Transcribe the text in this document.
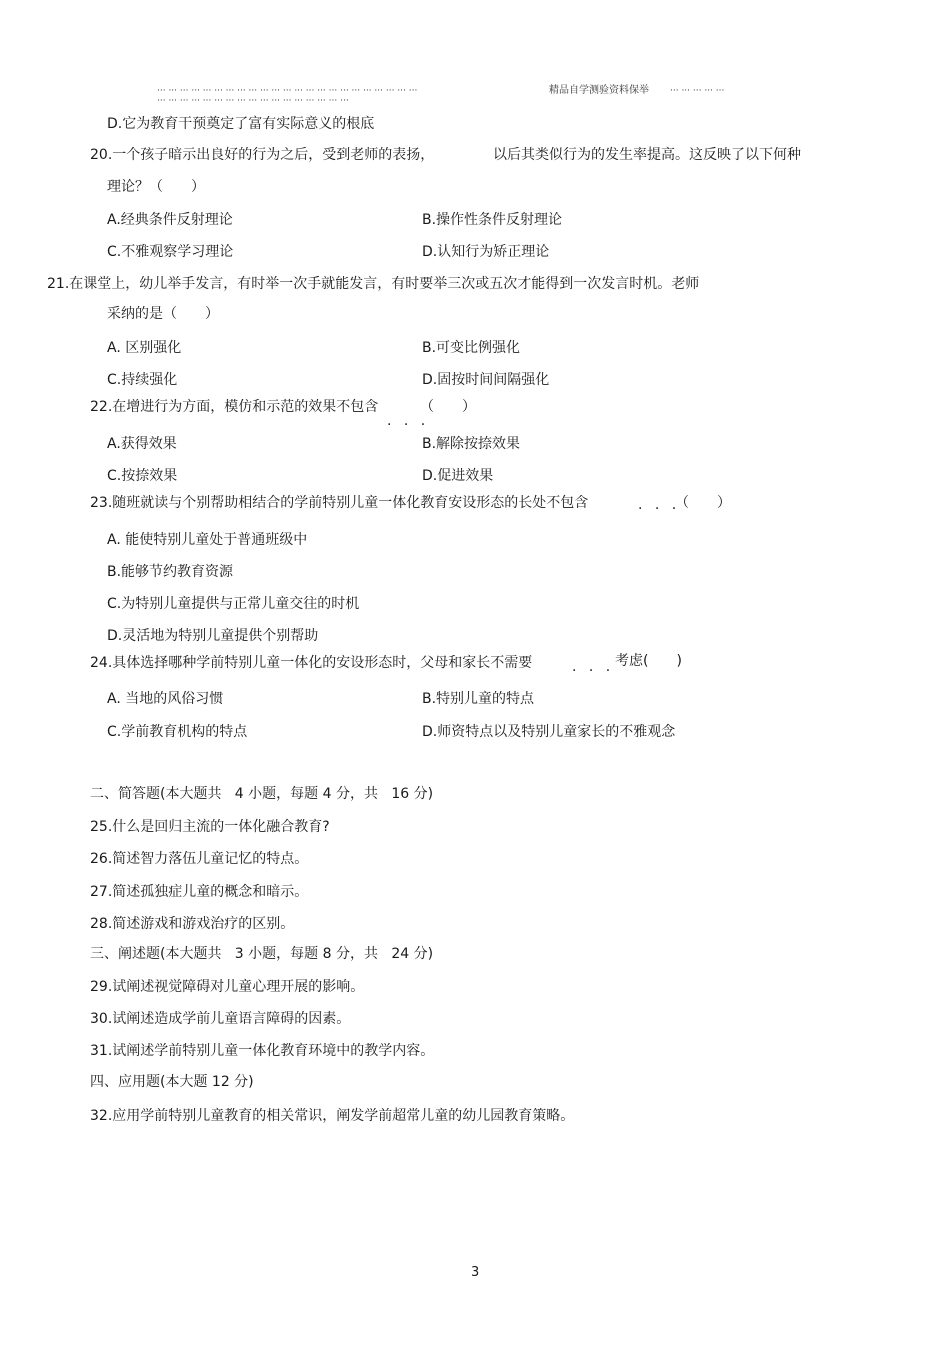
··· ··· ··· ··· ··· ··· ··· ··· ··· ··· ··· ··· ··· ··· ··· ··· ··· ··· ··· ··· ··· ··· ···	精品自学测验资料保举 ··· ··· ··· ··· ···
··· ··· ··· ··· ··· ··· ··· ··· ··· ··· ··· ··· ··· ··· ··· ··· ···
D.它为教育干预奠定了富有实际意义的根底
20.一个孩子暗示出良好的行为之后，受到老师的表扬，	以后其类似行为的发生率提高。这反映了以下何种
理论？（　　）
A.经典条件反射理论	B.操作性条件反射理论
C.不雅观察学习理论	D.认知行为矫正理论
21.在课堂上，幼儿举手发言，有时举一次手就能发言，有时要举三次或五次才能得到一次发言时机。老师
采纳的是（　　）
A. 区别强化	B.可变比例强化
C.持续强化	D.固按时间间隔强化
22.在增进行为方面，模仿和示范的效果不包含	（　　）
· · ·
A.获得效果	B.解除按捺效果
C.按捺效果	D.促进效果
23.随班就读与个别帮助相结合的学前特别儿童一体化教育安设形态的长处不包含	· · ·
（　　）
A. 能使特别儿童处于普通班级中
B.能够节约教育资源
C.为特别儿童提供与正常儿童交往的时机
D.灵活地为特别儿童提供个别帮助
24.具体选择哪种学前特别儿童一体化的安设形态时，父母和家长不需要	· · ·
考虑(　　)
A. 当地的风俗习惯	B.特别儿童的特点
C.学前教育机构的特点	D.师资特点以及特别儿童家长的不雅观念
二、简答题(本大题共   4 小题，每题 4 分，共   16 分)
25.什么是回归主流的一体化融合教育?
26.简述智力落伍儿童记忆的特点。
27.简述孤独症儿童的概念和暗示。
28.简述游戏和游戏治疗的区别。
三、阐述题(本大题共   3 小题，每题 8 分，共   24 分)
29.试阐述视觉障碍对儿童心理开展的影响。
30.试阐述造成学前儿童语言障碍的因素。
31.试阐述学前特别儿童一体化教育环境中的教学内容。
四、应用题(本大题 12 分)
32.应用学前特别儿童教育的相关常识，阐发学前超常儿童的幼儿园教育策略。
3
